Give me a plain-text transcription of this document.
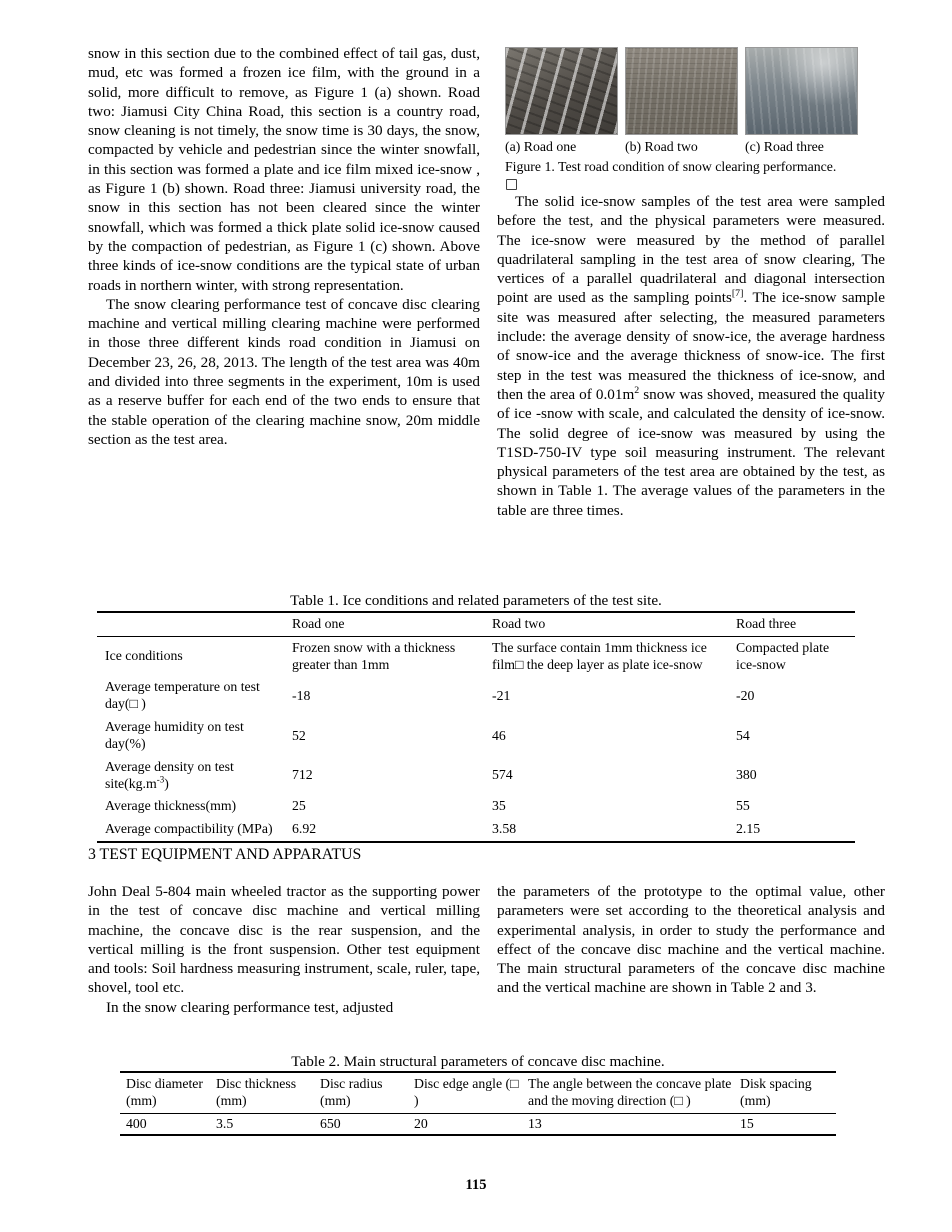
snow in this section due to the combined effect of tail gas, dust, mud, etc was formed a frozen ice film, with the ground in a solid, more difficult to remove, as Figure 1 (a) shown. Road two: Jiamusi City China Road, this section is a country road, snow cleaning is not timely, the snow time is 30 days, the snow, compacted by vehicle and pedestrian since the winter snowfall, in this section was formed a plate and ice film mixed ice-snow , as Figure 1 (b) shown. Road three: Jiamusi university road, the snow in this section has not been cleared since the winter snowfall, which was formed a thick plate solid ice-snow caused by the compaction of pedestrian, as Figure 1 (c) shown. Above three kinds of ice-snow conditions are the typical state of urban roads in northern winter, with strong representation.

The snow clearing performance test of concave disc clearing machine and vertical milling clearing machine were performed in those three different kinds road condition in Jiamusi on December 23, 26, 28, 2013. The length of the test area was 40m and divided into three segments in the experiment, 10m is used as a reserve buffer for each end of the two ends to ensure that the stable operation of the clearing machine snow, 20m middle section as the test area.

(a) Road one	(b) Road two	(c) Road three

Figure 1. Test road condition of snow clearing performance.

□

The solid ice-snow samples of the test area were sampled before the test, and the physical parameters were measured. The ice-snow were measured by the method of parallel quadrilateral sampling in the test area of snow clearing, The vertices of a parallel quadrilateral and diagonal intersection point are used as the sampling points[7]. The ice-snow sample site was measured after selecting, the measured parameters include: the average density of snow-ice, the average hardness of snow-ice and the average thickness of snow-ice. The first step in the test was measured the thickness of ice-snow, and then the area of $0.01m^2$ snow was shoved, measured the quality of ice -snow with scale, and calculated the density of ice-snow. The solid degree of ice-snow was measured by using the T1SD-750-IV type soil measuring instrument. The relevant physical parameters of the test area are obtained by the test, as shown in Table 1. The average values of the parameters in the table are three times.

Table 1. Ice conditions and related parameters of the test site.

	Road one	Road two	Road three
Ice conditions	Frozen snow with a thickness greater than 1mm	The surface contain 1mm thickness ice film□ the deep layer as plate ice-snow	Compacted plate ice-snow
Average temperature on test day(□ )	-18	-21	-20
Average humidity on test day(%)	52	46	54
Average density on test $site(kg.m^{-3})$	712	574	380
Average thickness(mm)	25	35	55
Average compactibility (MPa)	6.92	3.58	2.15
3 TEST EQUIPMENT AND APPARATUS

John Deal 5-804 main wheeled tractor as the supporting power in the test of concave disc machine and vertical milling machine, the concave disc is the rear suspension, and the vertical milling is the front suspension. Other test equipment and tools: Soil hardness measuring instrument, scale, ruler, tape, shovel, tool etc.

In the snow clearing performance test, adjusted

the parameters of the prototype to the optimal value, other parameters were set according to the theoretical analysis and experimental analysis, in order to study the performance and effect of the concave disc machine and the vertical machine. The main structural parameters of the concave disc machine and the vertical machine are shown in Table 2 and 3.

Table 2. Main structural parameters of concave disc machine.

Disc diameter (mm)	Disc thickness (mm)	Disc radius (mm)	Disc edge angle (□ )	The angle between the concave plate and the moving direction (□ )	Disk spacing (mm)
400	3.5	650	20	13	15
115
